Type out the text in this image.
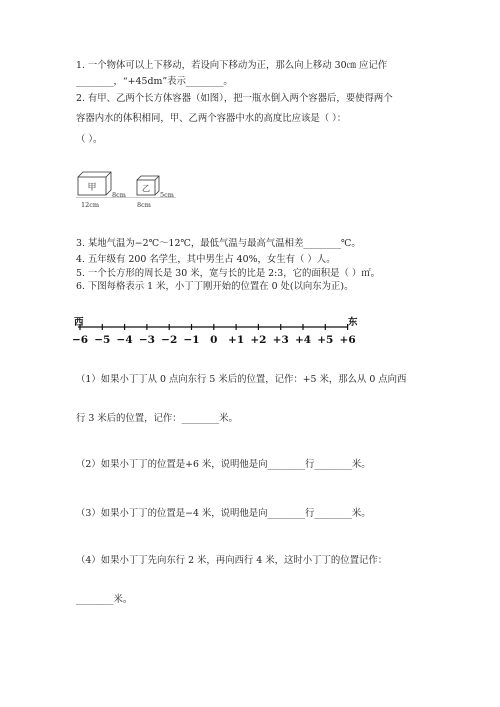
1. 一个物体可以上下移动，若设向下移动为正，那么向上移动 30㎝ 应记作
________，“+45dm”表示________。
2. 有甲、乙两个长方体容器（如图），把一瓶水倒入两个容器后，要使得两个
容器内水的体积相同，甲、乙两个容器中水的高度比应该是（ ）：
（ ）。
甲
8cm
12cm
乙
5cm
8cm
3. 某地气温为−2℃～12℃，最低气温与最高气温相差________℃。
4. 五年级有 200 名学生，其中男生占 40%，女生有（ ）人。
5. 一个长方形的周长是 30 米，宽与长的比是 2:3，它的面积是（ ）㎡。
6. 下图每格表示 1 米，小丁丁刚开始的位置在 0 处(以向东为正)。
西	东
−6 −5 −4 −3 −2 −1 0 +1 +2 +3 +4 +5 +6
（1）如果小丁丁从 0 点向东行 5 米后的位置，记作：+5 米，那么从 0 点向西
行 3 米后的位置，记作：________米。
（2）如果小丁丁的位置是+6 米，说明他是向________行________米。
（3）如果小丁丁的位置是−4 米，说明他是向________行________米。
（4）如果小丁丁先向东行 2 米，再向西行 4 米，这时小丁丁的位置记作：
________米。
